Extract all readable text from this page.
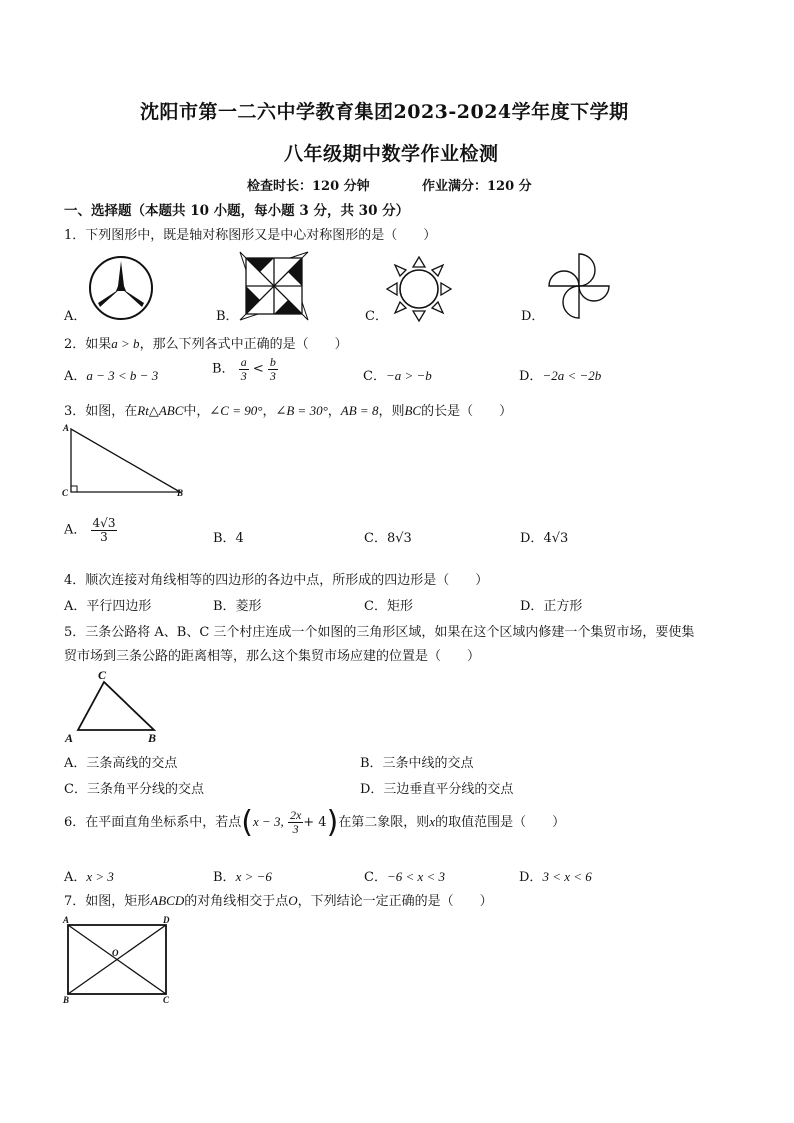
沈阳市第一二六中学教育集团2023-2024学年度下学期
八年级期中数学作业检测
检查时长：120 分钟	作业满分：120 分
一、选择题（本题共 10 小题，每小题 3 分，共 30 分）
1．下列图形中，既是轴对称图形又是中心对称图形的是（　　）
A．	B．	C．	D．
2．如果a > b，那么下列各式中正确的是（　　）
A．a − 3 < b − 3	B． $\frac{a}{3} < \frac{b}{3}$	C．−a > −b	D．−2a < −2b
3．如图，在Rt△ABC中，∠C = 90°，∠B = 30°，AB = 8，则BC的长是（　　）
A
C	B
A． $\frac{4√3}{3}$	B．4	C．8√3	D．4√3
4．顺次连接对角线相等的四边形的各边中点，所形成的四边形是（　　）
A．平行四边形	B．菱形	C．矩形	D．正方形
5．三条公路将 A、B、C 三个村庄连成一个如图的三角形区域，如果在这个区域内修建一个集贸市场，要使集
贸市场到三条公路的距离相等，那么这个集贸市场应建的位置是（　　）
C
A	B
A．三条高线的交点	B．三条中线的交点
C．三条角平分线的交点	D．三边垂直平分线的交点
6．在平面直角坐标系中，若点(x − 3, $\frac{2x}{3} + 4$)在第二象限，则x的取值范围是（　　）
A．x > 3	B．x > −6	C．−6 < x < 3	D．3 < x < 6
7．如图，矩形ABCD的对角线相交于点O，下列结论一定正确的是（　　）
A	D
O
B	C
